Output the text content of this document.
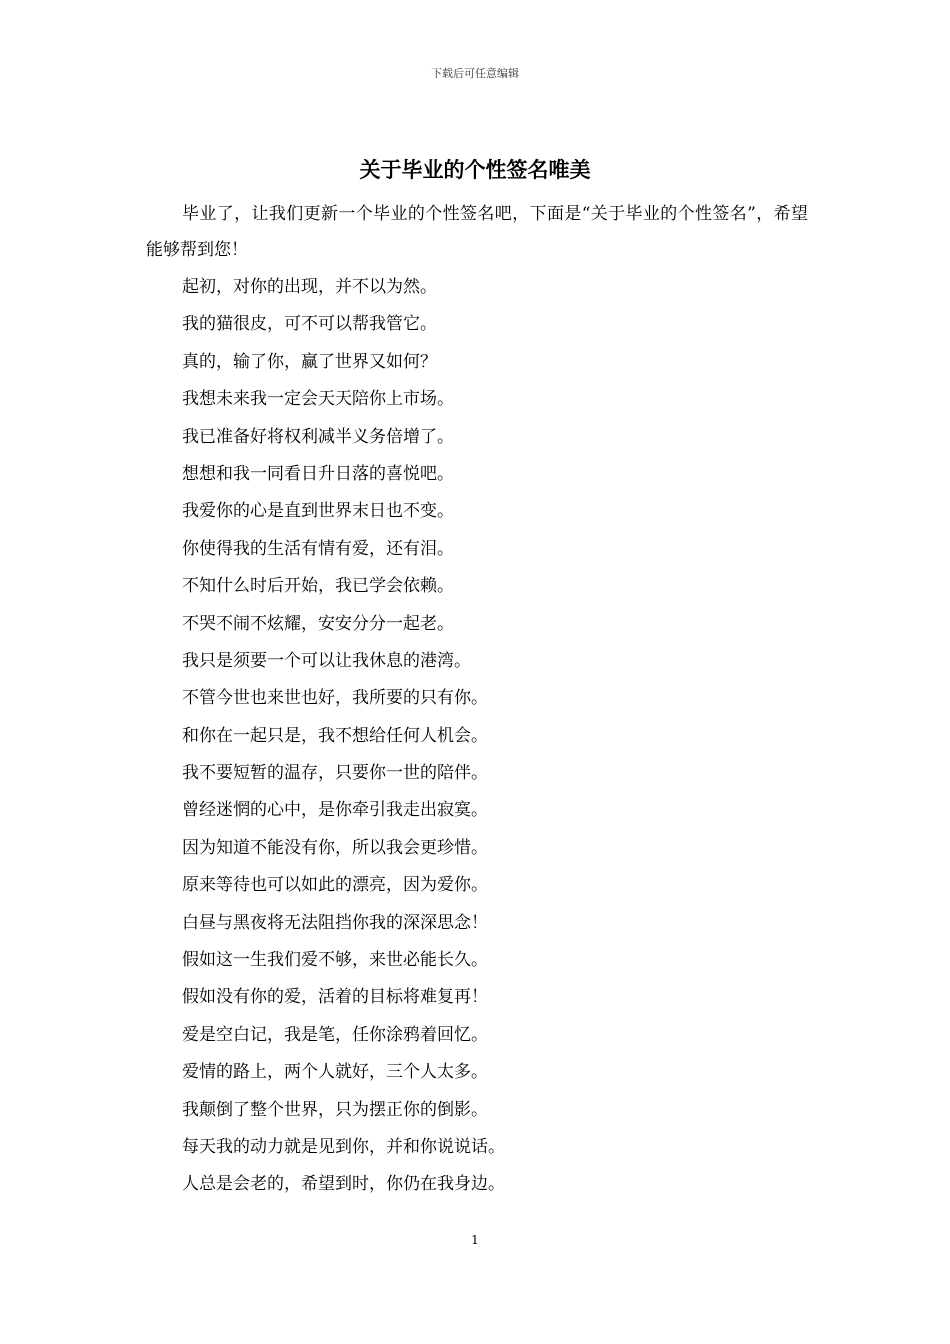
下载后可任意编辑
关于毕业的个性签名唯美

毕业了，让我们更新一个毕业的个性签名吧，下面是“关于毕业的个性签名”，希望能够帮到您！

起初，对你的出现，并不以为然。
我的猫很皮，可不可以帮我管它。
真的，输了你，赢了世界又如何？
我想未来我一定会天天陪你上市场。
我已准备好将权利减半义务倍增了。
想想和我一同看日升日落的喜悦吧。
我爱你的心是直到世界末日也不变。
你使得我的生活有情有爱，还有泪。
不知什么时后开始，我已学会依赖。
不哭不闹不炫耀，安安分分一起老。
我只是须要一个可以让我休息的港湾。
不管今世也来世也好，我所要的只有你。
和你在一起只是，我不想给任何人机会。
我不要短暂的温存，只要你一世的陪伴。
曾经迷惘的心中，是你牵引我走出寂寞。
因为知道不能没有你，所以我会更珍惜。
原来等待也可以如此的漂亮，因为爱你。
白昼与黑夜将无法阻挡你我的深深思念！
假如这一生我们爱不够，来世必能长久。
假如没有你的爱，活着的目标将难复再！
爱是空白记，我是笔，任你涂鸦着回忆。
爱情的路上，两个人就好，三个人太多。
我颠倒了整个世界，只为摆正你的倒影。
每天我的动力就是见到你，并和你说说话。
人总是会老的，希望到时，你仍在我身边。
1
